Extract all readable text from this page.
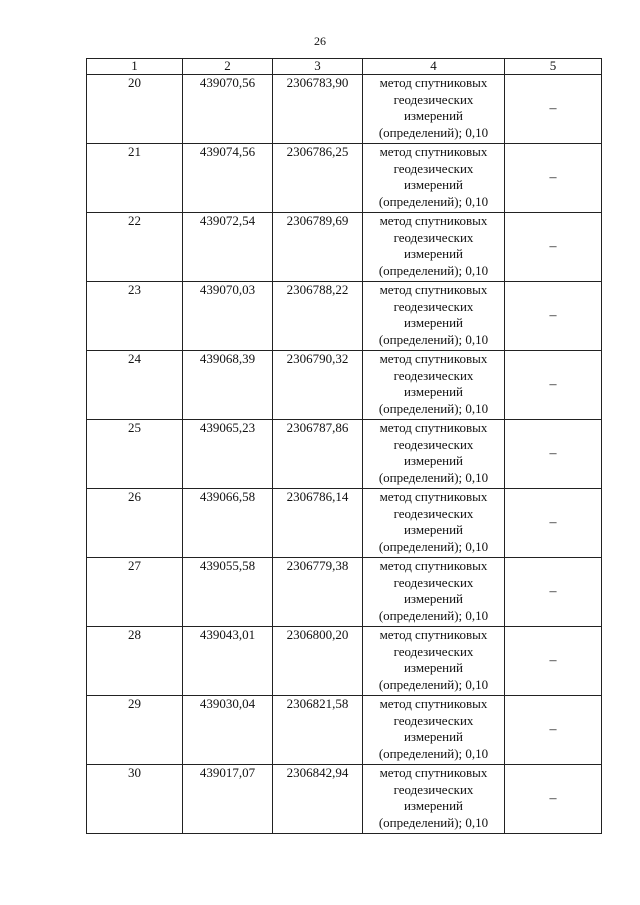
26
1	2	3	4	5
20	439070,56	2306783,90	метод спутниковых
геодезических
измерений
(определений); 0,10	–
21	439074,56	2306786,25	метод спутниковых
геодезических
измерений
(определений); 0,10	–
22	439072,54	2306789,69	метод спутниковых
геодезических
измерений
(определений); 0,10	–
23	439070,03	2306788,22	метод спутниковых
геодезических
измерений
(определений); 0,10	–
24	439068,39	2306790,32	метод спутниковых
геодезических
измерений
(определений); 0,10	–
25	439065,23	2306787,86	метод спутниковых
геодезических
измерений
(определений); 0,10	–
26	439066,58	2306786,14	метод спутниковых
геодезических
измерений
(определений); 0,10	–
27	439055,58	2306779,38	метод спутниковых
геодезических
измерений
(определений); 0,10	–
28	439043,01	2306800,20	метод спутниковых
геодезических
измерений
(определений); 0,10	–
29	439030,04	2306821,58	метод спутниковых
геодезических
измерений
(определений); 0,10	–
30	439017,07	2306842,94	метод спутниковых
геодезических
измерений
(определений); 0,10	–
